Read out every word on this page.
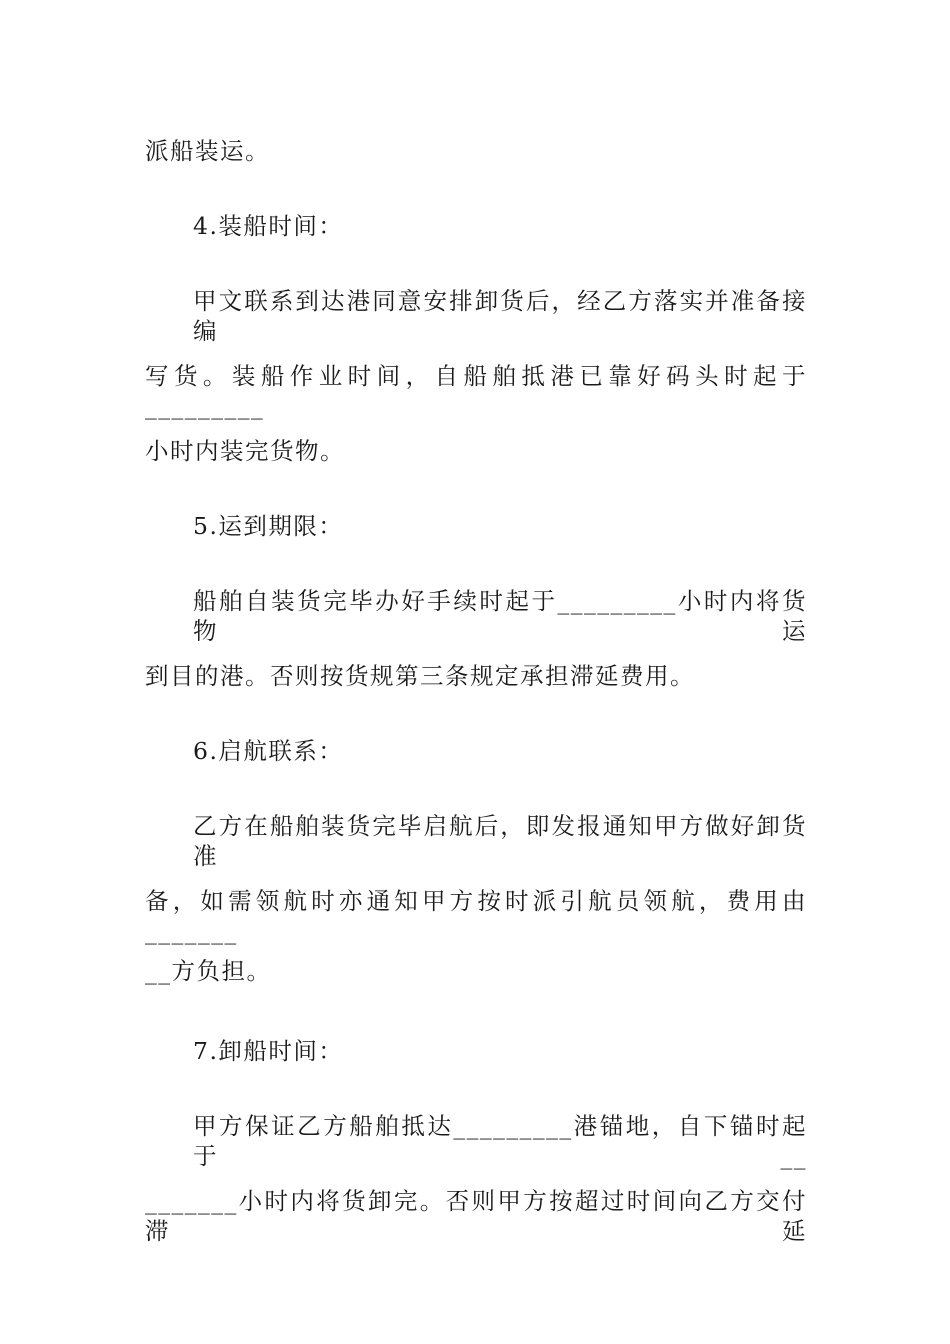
派船装运。
4.装船时间：
甲文联系到达港同意安排卸货后，经乙方落实并准备接编
写货。装船作业时间，自船舶抵港已靠好码头时起于_________
小时内装完货物。
5.运到期限：
船舶自装货完毕办好手续时起于_________小时内将货物运
到目的港。否则按货规第三条规定承担滞延费用。
6.启航联系：
乙方在船舶装货完毕启航后，即发报通知甲方做好卸货准
备，如需领航时亦通知甲方按时派引航员领航，费用由_______
__方负担。
7.卸船时间：
甲方保证乙方船舶抵达_________港锚地，自下锚时起于__
_______小时内将货卸完。否则甲方按超过时间向乙方交付滞延
